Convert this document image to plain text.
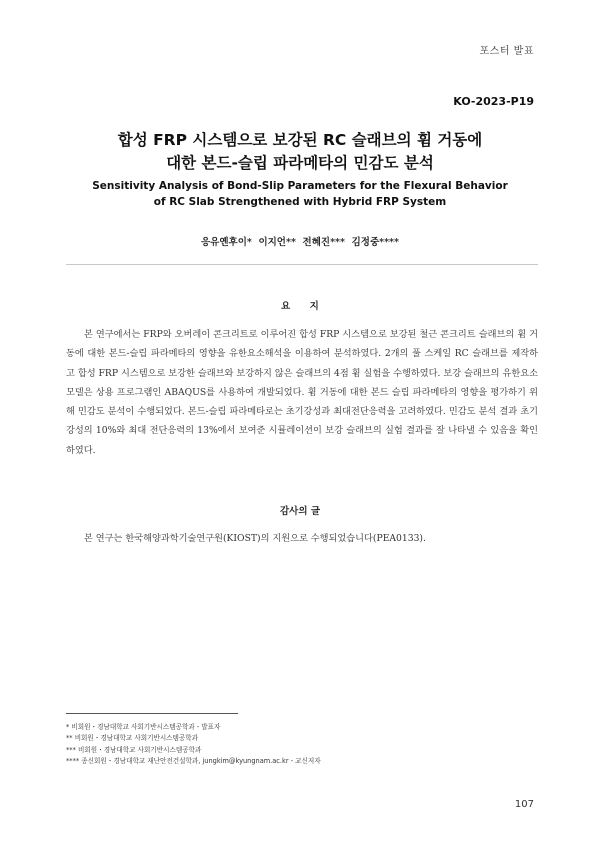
포스터 발표
KO-2023-P19
합성 FRP 시스템으로 보강된 RC 슬래브의 휨 거동에
대한 본드-슬립 파라메타의 민감도 분석
Sensitivity Analysis of Bond-Slip Parameters for the Flexural Behavior
of RC Slab Strengthened with Hybrid FRP System
응유옌후이*  이지언**  전혜진***  김정중****
요 지
본 연구에서는 FRP와 오버레이 콘크리트로 이루어진 합성 FRP 시스템으로 보강된 철근 콘크리트 슬래브의 휨 거동에 대한 본드-슬립 파라메타의 영향을 유한요소해석을 이용하여 분석하였다. 2개의 풀 스케일 RC 슬래브를 제작하고 합성 FRP 시스템으로 보강한 슬래브와 보강하지 않은 슬래브의 4점 휨 실험을 수행하였다. 보강 슬래브의 유한요소모델은 상용 프로그램인 ABAQUS를 사용하여 개발되었다. 휨 거동에 대한 본드 슬립 파라메타의 영향을 평가하기 위해 민감도 분석이 수행되었다. 본드-슬립 파라메타로는 초기강성과 최대전단응력을 고려하였다. 민감도 분석 결과 초기 강성의 10%와 최대 전단응력의 13%에서 보여준 시뮬레이션이 보강 슬래브의 실험 결과를 잘 나타낼 수 있음을 확인하였다.
감사의 글
본 연구는 한국해양과학기술연구원(KIOST)의 지원으로 수행되었습니다(PEA0133).
* 비회원・경남대학교 사회기반시스템공학과 - 발표자
** 비회원・경남대학교 사회기반시스템공학과
*** 비회원・경남대학교 사회기반시스템공학과
**** 종신회원・경남대학교 재난안전건설학과, jungkim@kyungnam.ac.kr - 교신저자
107
